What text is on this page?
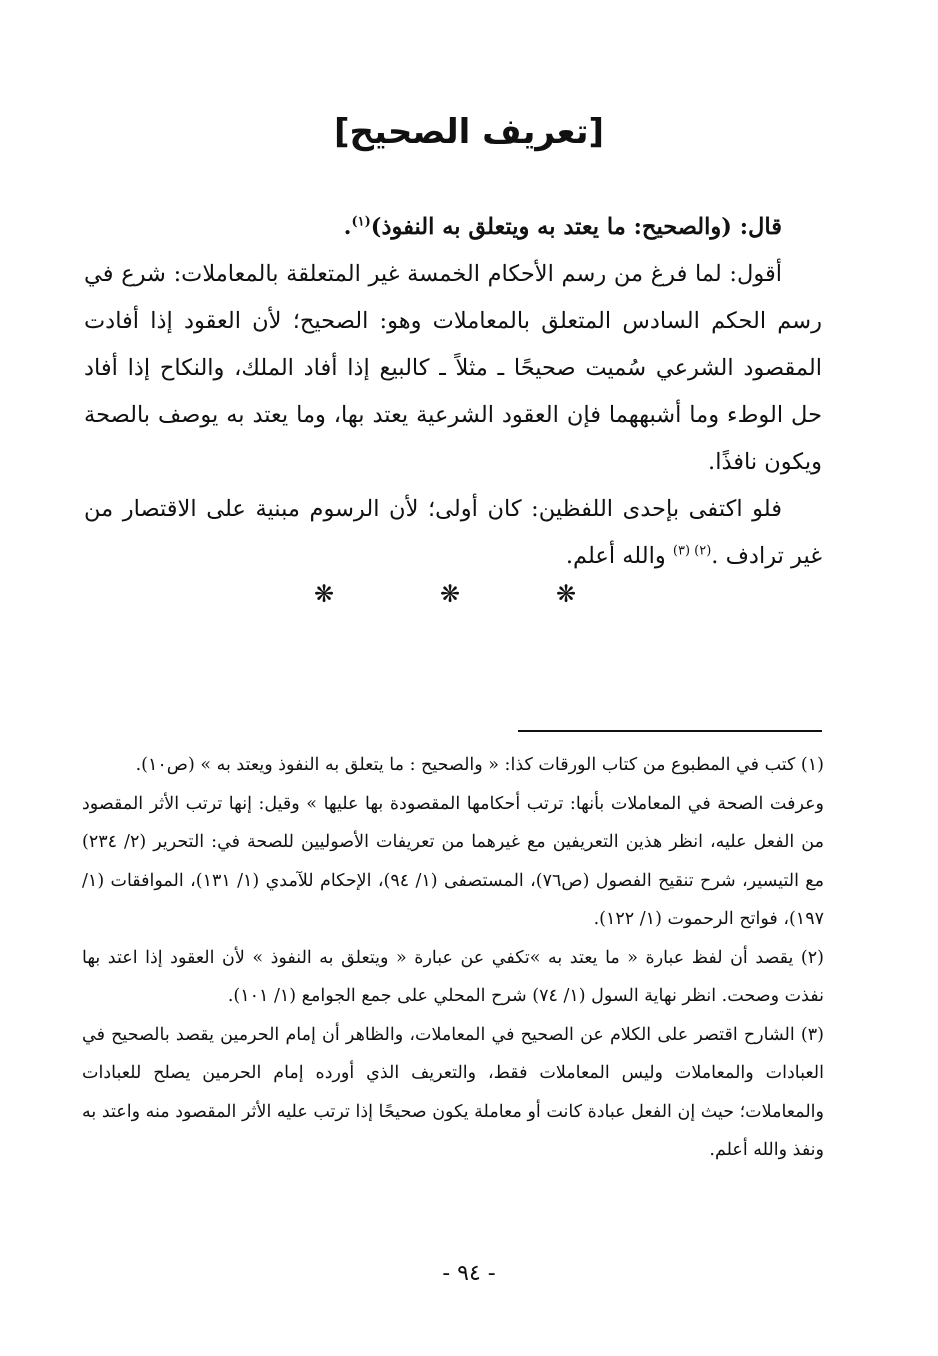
[تعريف الصحيح]

قال: (والصحيح: ما يعتد به ويتعلق به النفوذ)$^{(١)}$.

أقول: لما فرغ من رسم الأحكام الخمسة غير المتعلقة بالمعاملات: شرع في رسم الحكم السادس المتعلق بالمعاملات وهو: الصحيح؛ لأن العقود إذا أفادت المقصود الشرعي سُميت صحيحًا ـ مثلاً ـ كالبيع إذا أفاد الملك، والنكاح إذا أفاد حل الوطء وما أشبههما فإن العقود الشرعية يعتد بها، وما يعتد به يوصف بالصحة ويكون نافذًا.

فلو اكتفى بإحدى اللفظين: كان أولى؛ لأن الرسوم مبنية على الاقتصار من غير ترادف .$^{(٢) (٣)}$ والله أعلم.

❋	❋	❋

(١) كتب في المطبوع من كتاب الورقات كذا: « والصحيح : ما يتعلق به النفوذ ويعتد به » (ص١٠).

وعرفت الصحة في المعاملات بأنها: ترتب أحكامها المقصودة بها عليها » وقيل: إنها ترتب الأثر المقصود من الفعل عليه، انظر هذين التعريفين مع غيرهما من تعريفات الأصوليين للصحة في: التحرير (٢/ ٢٣٤) مع التيسير، شرح تنقيح الفصول (ص٧٦)، المستصفى (١/ ٩٤)، الإحكام للآمدي (١/ ١٣١)، الموافقات (١/ ١٩٧)، فواتح الرحموت (١/ ١٢٢).

(٢) يقصد أن لفظ عبارة « ما يعتد به »تكفي عن عبارة « ويتعلق به النفوذ » لأن العقود إذا اعتد بها نفذت وصحت. انظر نهاية السول (١/ ٧٤) شرح المحلي على جمع الجوامع (١/ ١٠١).

(٣) الشارح اقتصر على الكلام عن الصحيح في المعاملات، والظاهر أن إمام الحرمين يقصد بالصحيح في العبادات والمعاملات وليس المعاملات فقط، والتعريف الذي أورده إمام الحرمين يصلح للعبادات والمعاملات؛ حيث إن الفعل عبادة كانت أو معاملة يكون صحيحًا إذا ترتب عليه الأثر المقصود منه واعتد به ونفذ والله أعلم.

- ٩٤ -
